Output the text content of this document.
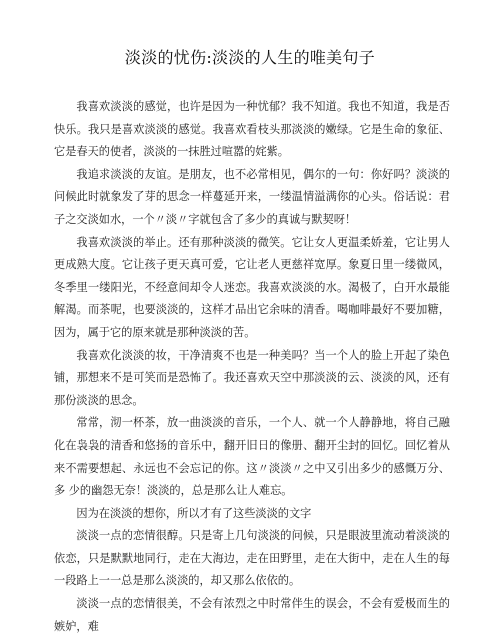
淡淡的忧伤:淡淡的人生的唯美句子

我喜欢淡淡的感觉，也许是因为一种忧郁？我不知道。我也不知道，我是否 快乐。我只是喜欢淡淡的感觉。我喜欢看枝头那淡淡的嫩绿。它是生命的象征、 它是春天的使者，淡淡的一抹胜过喧嚣的姹紫。

我追求淡淡的友谊。是朋友，也不必常相见，偶尔的一句：你好吗？淡淡的 问候此时就象发了芽的思念一样蔓延开来，一缕温情溢满你的心头。俗话说：君 子之交淡如水，一个〃淡〃字就包含了多少的真诚与默契呀！

我喜欢淡淡的举止。还有那种淡淡的微笑。它让女人更温柔娇羞，它让男人 更成熟大度。它让孩子更天真可爱，它让老人更慈祥宽厚。象夏日里一缕微风， 冬季里一缕阳光，不经意间却令人迷恋。我喜欢淡淡的水。渴极了，白开水最能 解渴。而茶呢，也要淡淡的，这样才品出它余味的清香。喝咖啡最好不要加糖， 因为，属于它的原来就是那种淡淡的苦。

我喜欢化淡淡的妆，干净清爽不也是一种美吗？当一个人的脸上开起了染色 铺，那想来不是可笑而是恐怖了。我还喜欢天空中那淡淡的云、淡淡的风，还有 那份淡淡的思念。

常常，沏一杯茶，放一曲淡淡的音乐，一个人、就一个人静静地，将自己融 化在袅袅的清香和悠扬的音乐中，翻开旧日的像册、翻开尘封的回忆。回忆着从 来不需要想起、永远也不会忘记的你。这〃淡淡〃之中又引出多少的感慨万分、多 少的幽怨无奈！淡淡的，总是那么让人难忘。

因为在淡淡的想你，所以才有了这些淡淡的文字

淡淡一点的恋情很醇。只是寄上几句淡淡的问候，只是眼波里流动着淡淡的 依恋，只是默默地同行，走在大海边，走在田野里，走在大街中，走在人生的每 一段路上一一总是那么淡淡的，却又那么依依的。

淡淡一点的恋情很美，不会有浓烈之中时常伴生的误会，不会有爱极而生的嫉妒，难
